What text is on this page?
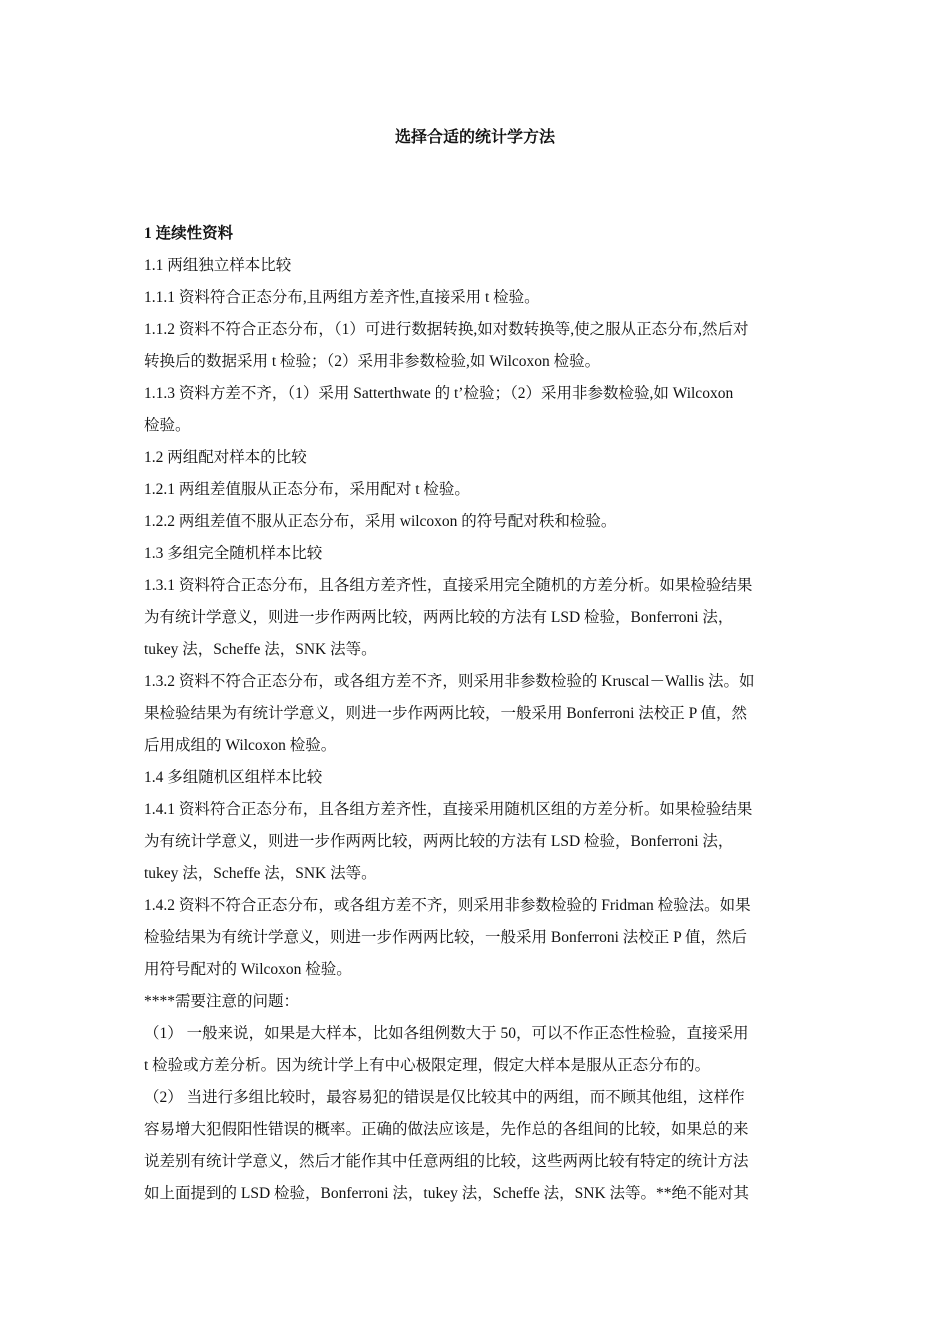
选择合适的统计学方法

1 连续性资料

1.1 两组独立样本比较

1.1.1 资料符合正态分布,且两组方差齐性,直接采用 t 检验。

1.1.2 资料不符合正态分布，（1）可进行数据转换,如对数转换等,使之服从正态分布,然后对

转换后的数据采用 t 检验；（2）采用非参数检验,如 Wilcoxon 检验。

1.1.3 资料方差不齐，（1）采用 Satterthwate 的 t’检验；（2）采用非参数检验,如 Wilcoxon

检验。

1.2 两组配对样本的比较

1.2.1 两组差值服从正态分布，采用配对 t 检验。

1.2.2 两组差值不服从正态分布，采用 wilcoxon 的符号配对秩和检验。

1.3 多组完全随机样本比较

1.3.1 资料符合正态分布，且各组方差齐性，直接采用完全随机的方差分析。如果检验结果

为有统计学意义，则进一步作两两比较，两两比较的方法有 LSD 检验，Bonferroni 法，

tukey 法，Scheffe 法，SNK 法等。

1.3.2 资料不符合正态分布，或各组方差不齐，则采用非参数检验的 Kruscal－Wallis 法。如

果检验结果为有统计学意义，则进一步作两两比较，一般采用 Bonferroni 法校正 P 值，然

后用成组的 Wilcoxon 检验。

1.4 多组随机区组样本比较

1.4.1 资料符合正态分布，且各组方差齐性，直接采用随机区组的方差分析。如果检验结果

为有统计学意义，则进一步作两两比较，两两比较的方法有 LSD 检验，Bonferroni 法，

tukey 法，Scheffe 法，SNK 法等。

1.4.2 资料不符合正态分布，或各组方差不齐，则采用非参数检验的 Fridman 检验法。如果

检验结果为有统计学意义，则进一步作两两比较，一般采用 Bonferroni 法校正 P 值，然后

用符号配对的 Wilcoxon 检验。

****需要注意的问题：

（1） 一般来说，如果是大样本，比如各组例数大于 50，可以不作正态性检验，直接采用

t 检验或方差分析。因为统计学上有中心极限定理，假定大样本是服从正态分布的。

（2） 当进行多组比较时，最容易犯的错误是仅比较其中的两组，而不顾其他组，这样作

容易增大犯假阳性错误的概率。正确的做法应该是，先作总的各组间的比较，如果总的来

说差别有统计学意义，然后才能作其中任意两组的比较，这些两两比较有特定的统计方法

如上面提到的 LSD 检验，Bonferroni 法，tukey 法，Scheffe 法，SNK 法等。**绝不能对其
